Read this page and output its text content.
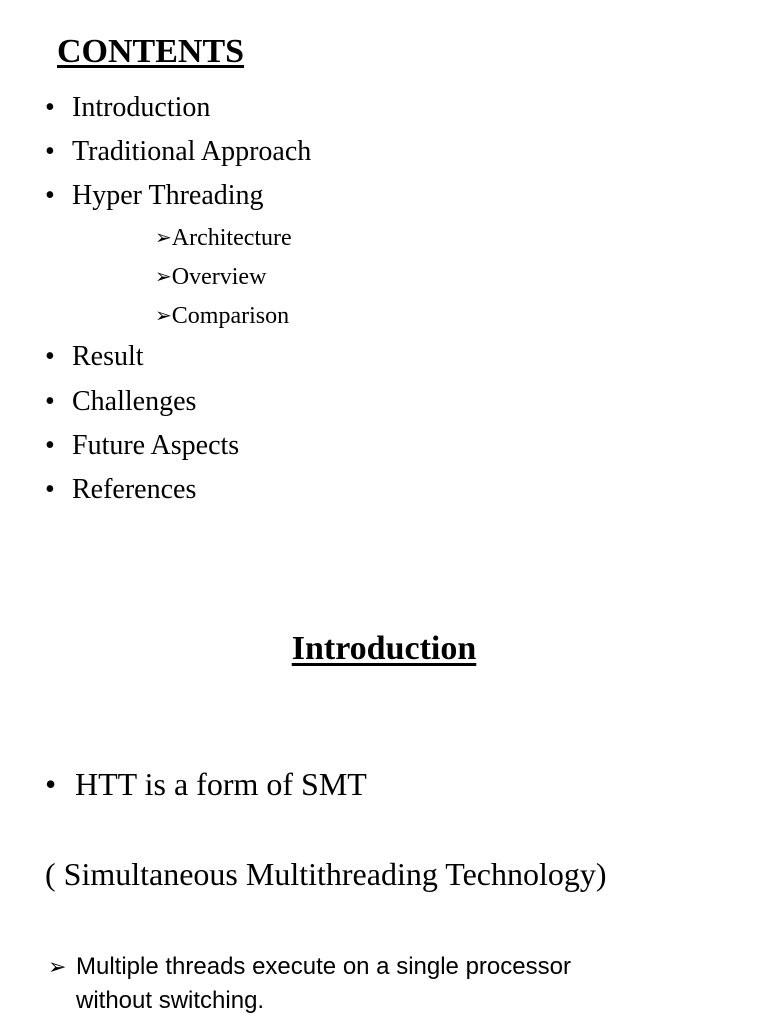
CONTENTS
• Introduction
• Traditional Approach
• Hyper Threading
➢Architecture
➢Overview
➢Comparison
• Result
• Challenges
• Future Aspects
• References
Introduction
• HTT is a form of SMT
( Simultaneous Multithreading Technology)
➢ Multiple threads execute on a single processor
without switching.
